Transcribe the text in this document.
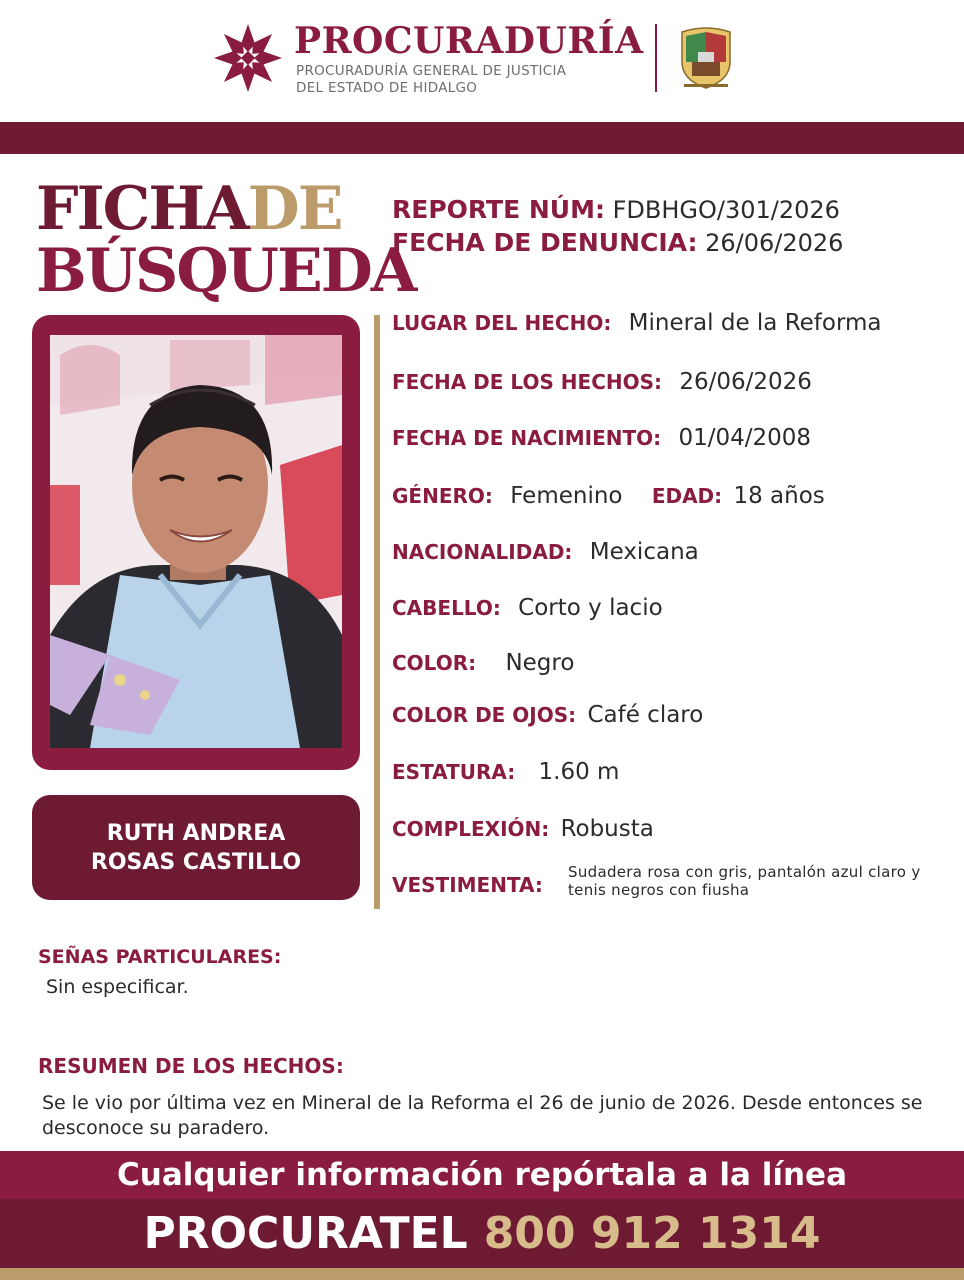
PROCURADURÍA
PROCURADURÍA GENERAL DE JUSTICIA
DEL ESTADO DE HIDALGO
FICHADE
BÚSQUEDA
REPORTE NÚM: FDBHGO/301/2026
FECHA DE DENUNCIA: 26/06/2026
RUTH ANDREA
ROSAS CASTILLO
LUGAR DEL HECHO: Mineral de la Reforma
FECHA DE LOS HECHOS: 26/06/2026
FECHA DE NACIMIENTO: 01/04/2008
GÉNERO: Femenino EDAD: 18 años
NACIONALIDAD: Mexicana
CABELLO: Corto y lacio
COLOR: Negro
COLOR DE OJOS: Café claro
ESTATURA: 1.60 m
COMPLEXIÓN: Robusta
VESTIMENTA:
Sudadera rosa con gris, pantalón azul claro y tenis negros con fiusha
SEÑAS PARTICULARES:
Sin especificar.
RESUMEN DE LOS HECHOS:
Se le vio por última vez en Mineral de la Reforma el 26 de junio de 2026. Desde entonces se desconoce su paradero.
Cualquier información repórtala a la línea
PROCURATEL 800 912 1314
